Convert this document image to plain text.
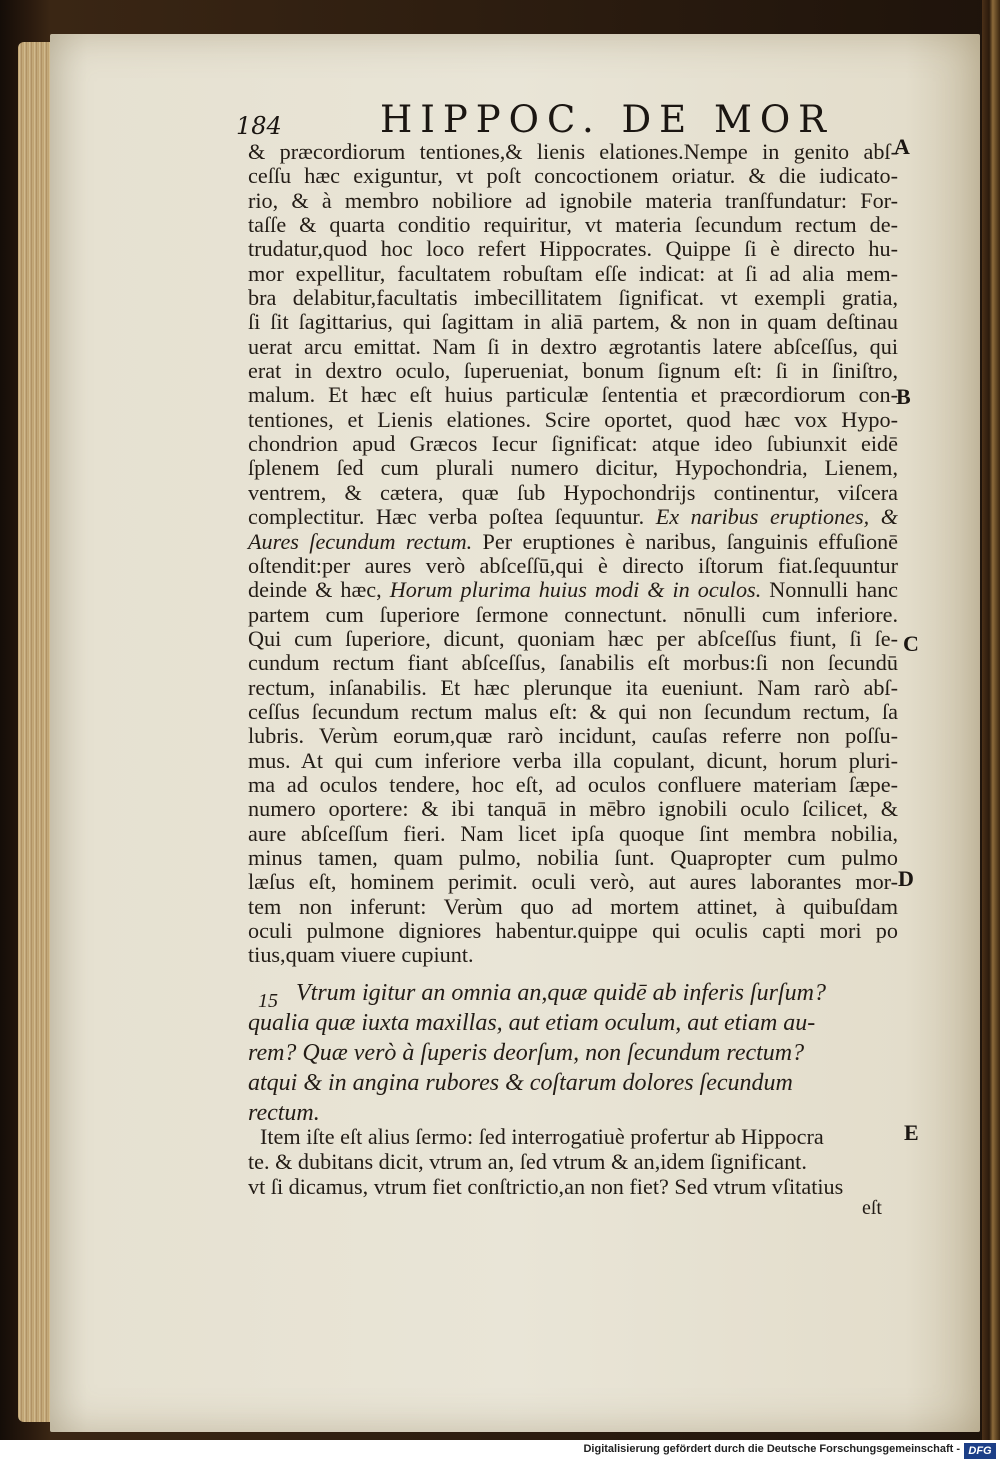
184	HIPPOC. DE MOR
& præcordiorum tentiones,& lienis elationes.Nempe in genito abſ-
ceſſu hæc exiguntur, vt poſt concoctionem oriatur. & die iudicato-
rio, & à membro nobiliore ad ignobile materia tranſfundatur: For-
taſſe & quarta conditio requiritur, vt materia ſecundum rectum de-
trudatur,quod hoc loco refert Hippocrates. Quippe ſi è directo hu-
mor expellitur, facultatem robuſtam eſſe indicat: at ſi ad alia mem-
bra delabitur,facultatis imbecillitatem ſignificat. vt exempli gratia,
ſi ſit ſagittarius, qui ſagittam in aliā partem, & non in quam deſtinau
uerat arcu emittat. Nam ſi in dextro ægrotantis latere abſceſſus, qui
erat in dextro oculo, ſuperueniat, bonum ſignum eſt: ſi in ſiniſtro,
malum. Et hæc eſt huius particulæ ſententia et præcordiorum con-
tentiones, et Lienis elationes. Scire oportet, quod hæc vox Hypo-
chondrion apud Græcos Iecur ſignificat: atque ideo ſubiunxit eidē
ſplenem ſed cum plurali numero dicitur, Hypochondria, Lienem,
ventrem, & cætera, quæ ſub Hypochondrijs continentur, viſcera
complectitur. Hæc verba poſtea ſequuntur. Ex naribus eruptiones, &
Aures ſecundum rectum. Per eruptiones è naribus, ſanguinis effuſionē
oſtendit:per aures verò abſceſſū,qui è directo iſtorum fiat.ſequuntur
deinde & hæc, Horum plurima huius modi & in oculos. Nonnulli hanc
partem cum ſuperiore ſermone connectunt. nōnulli cum inferiore.
Qui cum ſuperiore, dicunt, quoniam hæc per abſceſſus fiunt, ſi ſe-
cundum rectum fiant abſceſſus, ſanabilis eſt morbus:ſi non ſecundū
rectum, inſanabilis. Et hæc plerunque ita eueniunt. Nam rarò abſ-
ceſſus ſecundum rectum malus eſt: & qui non ſecundum rectum, ſa
lubris. Verùm eorum,quæ rarò incidunt, cauſas referre non poſſu-
mus. At qui cum inferiore verba illa copulant, dicunt, horum pluri-
ma ad oculos tendere, hoc eſt, ad oculos confluere materiam ſæpe-
numero oportere: & ibi tanquā in mēbro ignobili oculo ſcilicet, &
aure abſceſſum fieri. Nam licet ipſa quoque ſint membra nobilia,
minus tamen, quam pulmo, nobilia ſunt. Quapropter cum pulmo
læſus eſt, hominem perimit. oculi verò, aut aures laborantes mor-
tem non inferunt: Verùm quo ad mortem attinet, à quibuſdam
oculi pulmone digniores habentur.quippe qui oculis capti mori po
tius,quam viuere cupiunt.
15 Vtrum igitur an omnia an,quæ quidē ab inferis ſurſum?
qualia quæ iuxta maxillas, aut etiam oculum, aut etiam au-
rem? Quæ verò à ſuperis deorſum, non ſecundum rectum?
atqui & in angina rubores & coſtarum dolores ſecundum
rectum.
Item iſte eſt alius ſermo: ſed interrogatiuè profertur ab Hippocra
te. & dubitans dicit, vtrum an, ſed vtrum & an,idem ſignificant.
vt ſi dicamus, vtrum fiet conſtrictio,an non fiet? Sed vtrum vſitatius
eſt
A
B
C
D
E
Digitalisierung gefördert durch die Deutsche Forschungsgemeinschaft - DFG
